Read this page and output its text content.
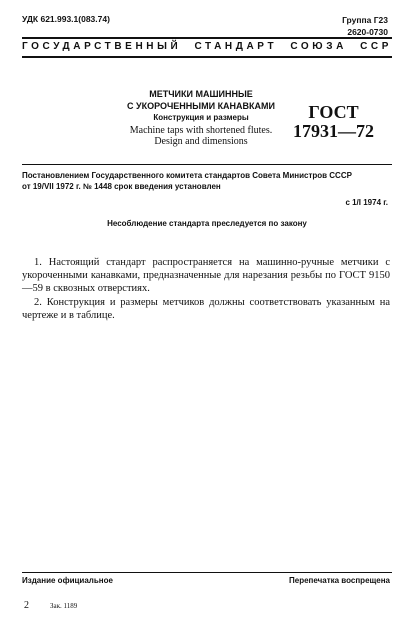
УДК 621.993.1(083.74)	Группа Г23
2620-0730
ГОСУДАРСТВЕННЫЙ СТАНДАРТ СОЮЗА ССР
МЕТЧИКИ МАШИННЫЕ
С УКОРОЧЕННЫМИ КАНАВКАМИ
Конструкция и размеры
Machine taps with shortened flutes.
Design and dimensions
ГОСТ
17931—72
Постановлением Государственного комитета стандартов Совета Министров СССР
от 19/VII 1972 г. № 1448 срок введения установлен
с 1/I 1974 г.
Несоблюдение стандарта преследуется по закону

1. Настоящий стандарт распространяется на машинно-ручные метчики с укороченными канавками, предназначенные для нарезания резьбы по ГОСТ 9150—59 в сквозных отверстиях.

2. Конструкция и размеры метчиков должны соответствовать указанным на чертеже и в таблице.

Издание официальное	Перепечатка воспрещена
2	Зак. 1189
